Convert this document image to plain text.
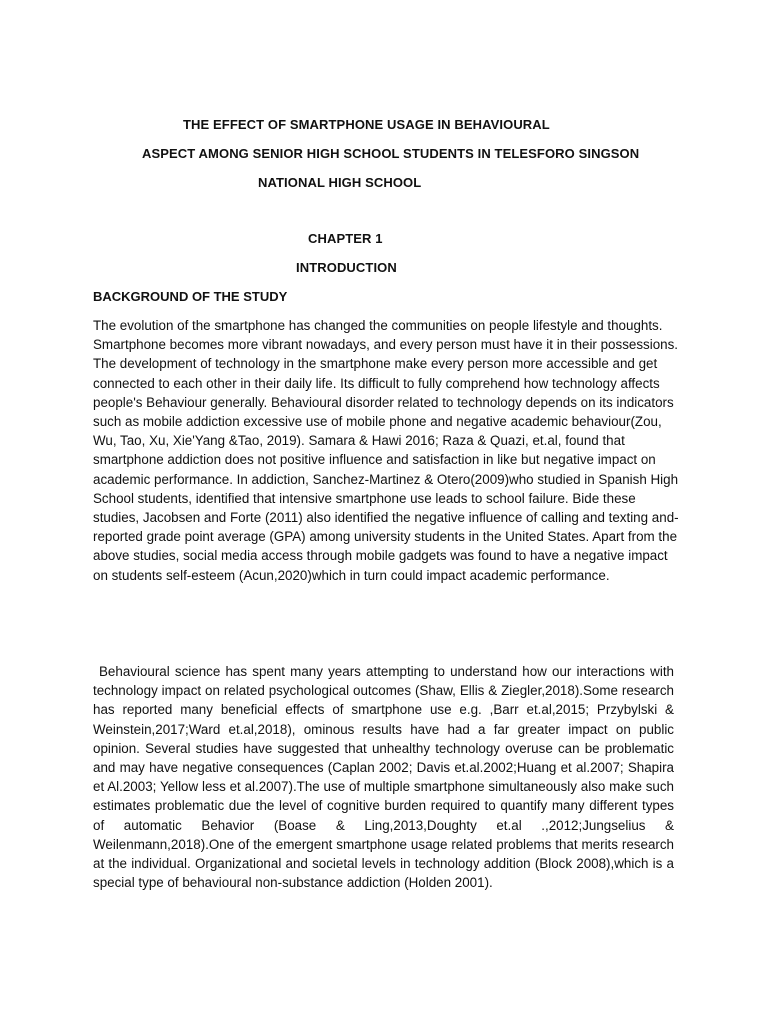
THE EFFECT OF SMARTPHONE USAGE IN BEHAVIOURAL
ASPECT AMONG SENIOR HIGH SCHOOL STUDENTS IN TELESFORO SINGSON
NATIONAL HIGH SCHOOL
CHAPTER 1
INTRODUCTION
BACKGROUND OF THE STUDY

The evolution of the smartphone has changed the communities on people lifestyle and thoughts. Smartphone becomes more vibrant nowadays, and every person must have it in their possessions. The development of technology in the smartphone make every person more accessible and get connected to each other in their daily life. Its difficult to fully comprehend how technology affects people's Behaviour generally. Behavioural disorder related to technology depends on its indicators such as mobile addiction excessive use of mobile phone and negative academic behaviour(Zou, Wu, Tao, Xu, Xie'Yang &Tao, 2019). Samara & Hawi 2016; Raza & Quazi, et.al, found that smartphone addiction does not positive influence and satisfaction in like but negative impact on academic performance. In addiction, Sanchez-Martinez & Otero(2009)who studied in Spanish High School students, identified that intensive smartphone use leads to school failure. Bide these studies, Jacobsen and Forte (2011) also identified the negative influence of calling and texting and-reported grade point average (GPA) among university students in the United States. Apart from the above studies, social media access through mobile gadgets was found to have a negative impact on students self-esteem (Acun,2020)which in turn could impact academic performance.

Behavioural science has spent many years attempting to understand how our interactions with technology impact on related psychological outcomes (Shaw, Ellis & Ziegler,2018).Some research has reported many beneficial effects of smartphone use e.g. ,Barr et.al,2015; Przybylski & Weinstein,2017;Ward et.al,2018), ominous results have had a far greater impact on public opinion. Several studies have suggested that unhealthy technology overuse can be problematic and may have negative consequences (Caplan 2002; Davis et.al.2002;Huang et al.2007; Shapira et Al.2003; Yellow less et al.2007).The use of multiple smartphone simultaneously also make such estimates problematic due the level of cognitive burden required to quantify many different types of automatic Behavior (Boase & Ling,2013,Doughty et.al .,2012;Jungselius & Weilenmann,2018).One of the emergent smartphone usage related problems that merits research at the individual. Organizational and societal levels in technology addition (Block 2008),which is a special type of behavioural non-substance addiction (Holden 2001).
